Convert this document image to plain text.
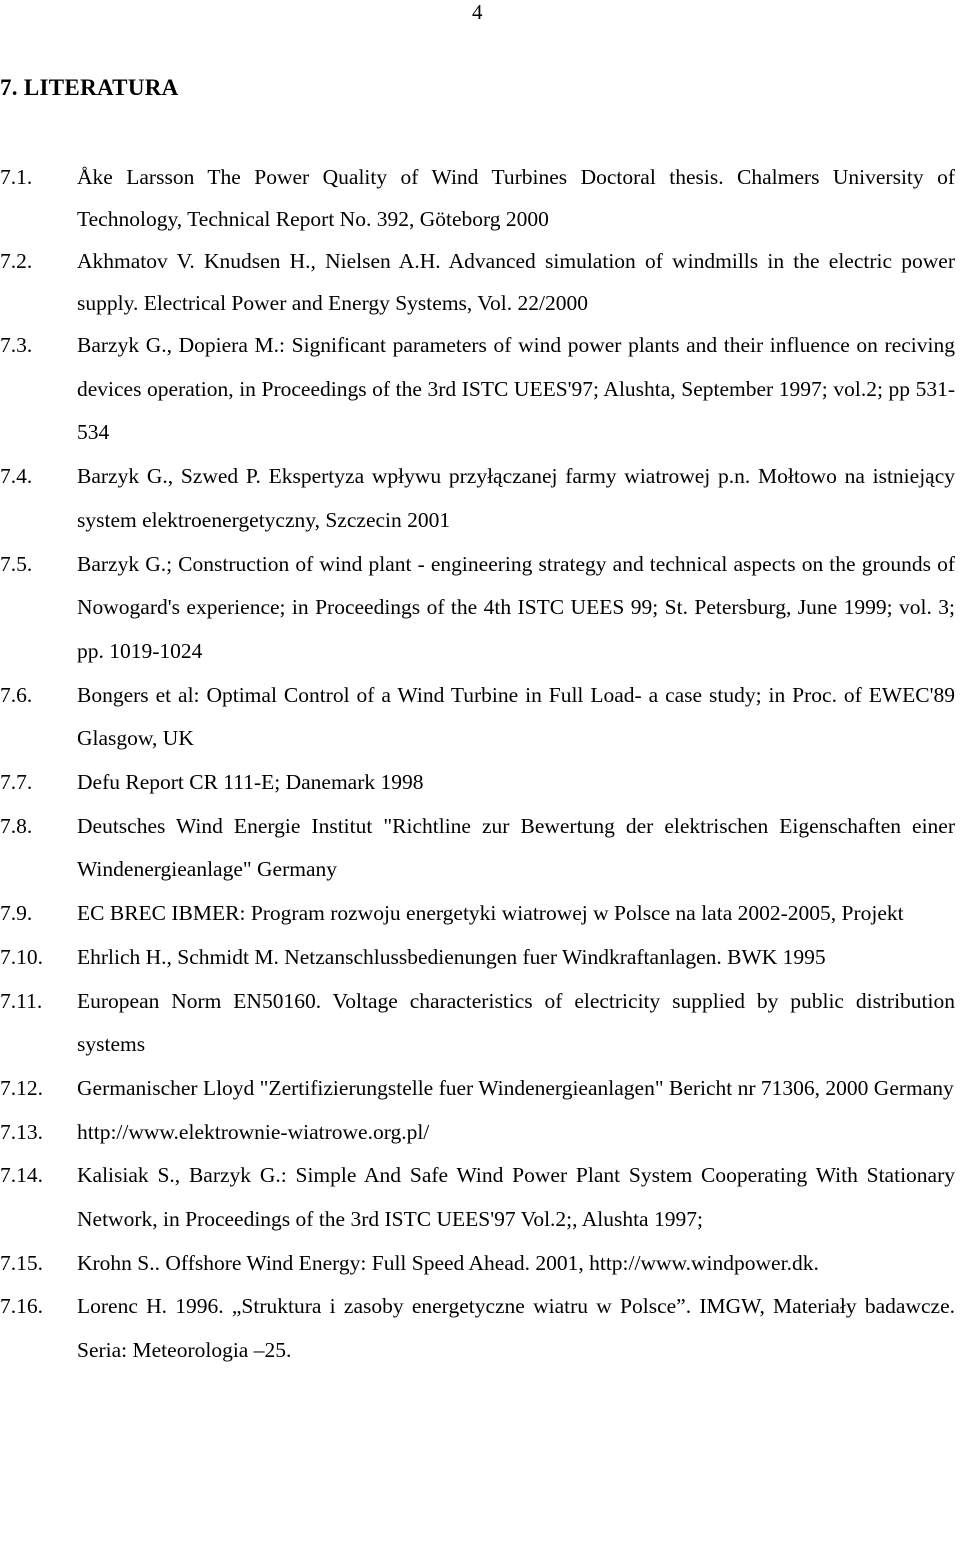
4
7. LITERATURA
7.1. Åke Larsson The Power Quality of Wind Turbines Doctoral thesis. Chalmers University of Technology, Technical Report No. 392, Göteborg 2000
7.2. Akhmatov V. Knudsen H., Nielsen A.H. Advanced simulation of windmills in the electric power supply. Electrical Power and Energy Systems, Vol. 22/2000
7.3. Barzyk G., Dopiera M.: Significant parameters of wind power plants and their influence on reciving devices operation, in Proceedings of the 3rd ISTC UEES'97; Alushta, September 1997; vol.2; pp 531-534
7.4. Barzyk G., Szwed P. Ekspertyza wpływu przyłączanej farmy wiatrowej p.n. Mołtowo na istniejący system elektroenergetyczny, Szczecin 2001
7.5. Barzyk G.; Construction of wind plant - engineering strategy and technical aspects on the grounds of Nowogard's experience; in Proceedings of the 4th ISTC UEES 99; St. Petersburg, June 1999; vol. 3; pp. 1019-1024
7.6. Bongers et al: Optimal Control of a Wind Turbine in Full Load- a case study; in Proc. of EWEC'89 Glasgow, UK
7.7. Defu Report CR 111-E; Danemark 1998
7.8. Deutsches Wind Energie Institut "Richtline zur Bewertung der elektrischen Eigenschaften einer Windenergieanlage" Germany
7.9. EC BREC IBMER: Program rozwoju energetyki wiatrowej w Polsce na lata 2002-2005, Projekt
7.10. Ehrlich H., Schmidt M. Netzanschlussbedienungen fuer Windkraftanlagen. BWK 1995
7.11. European Norm EN50160. Voltage characteristics of electricity supplied by public distribution systems
7.12. Germanischer Lloyd "Zertifizierungstelle fuer Windenergieanlagen" Bericht nr 71306, 2000 Germany
7.13. http://www.elektrownie-wiatrowe.org.pl/
7.14. Kalisiak S., Barzyk G.: Simple And Safe Wind Power Plant System Cooperating With Stationary Network, in Proceedings of the 3rd ISTC UEES'97 Vol.2;, Alushta 1997;
7.15. Krohn S.. Offshore Wind Energy: Full Speed Ahead. 2001, http://www.windpower.dk.
7.16. Lorenc H. 1996. „Struktura i zasoby energetyczne wiatru w Polsce”. IMGW, Materiały badawcze. Seria: Meteorologia –25.
